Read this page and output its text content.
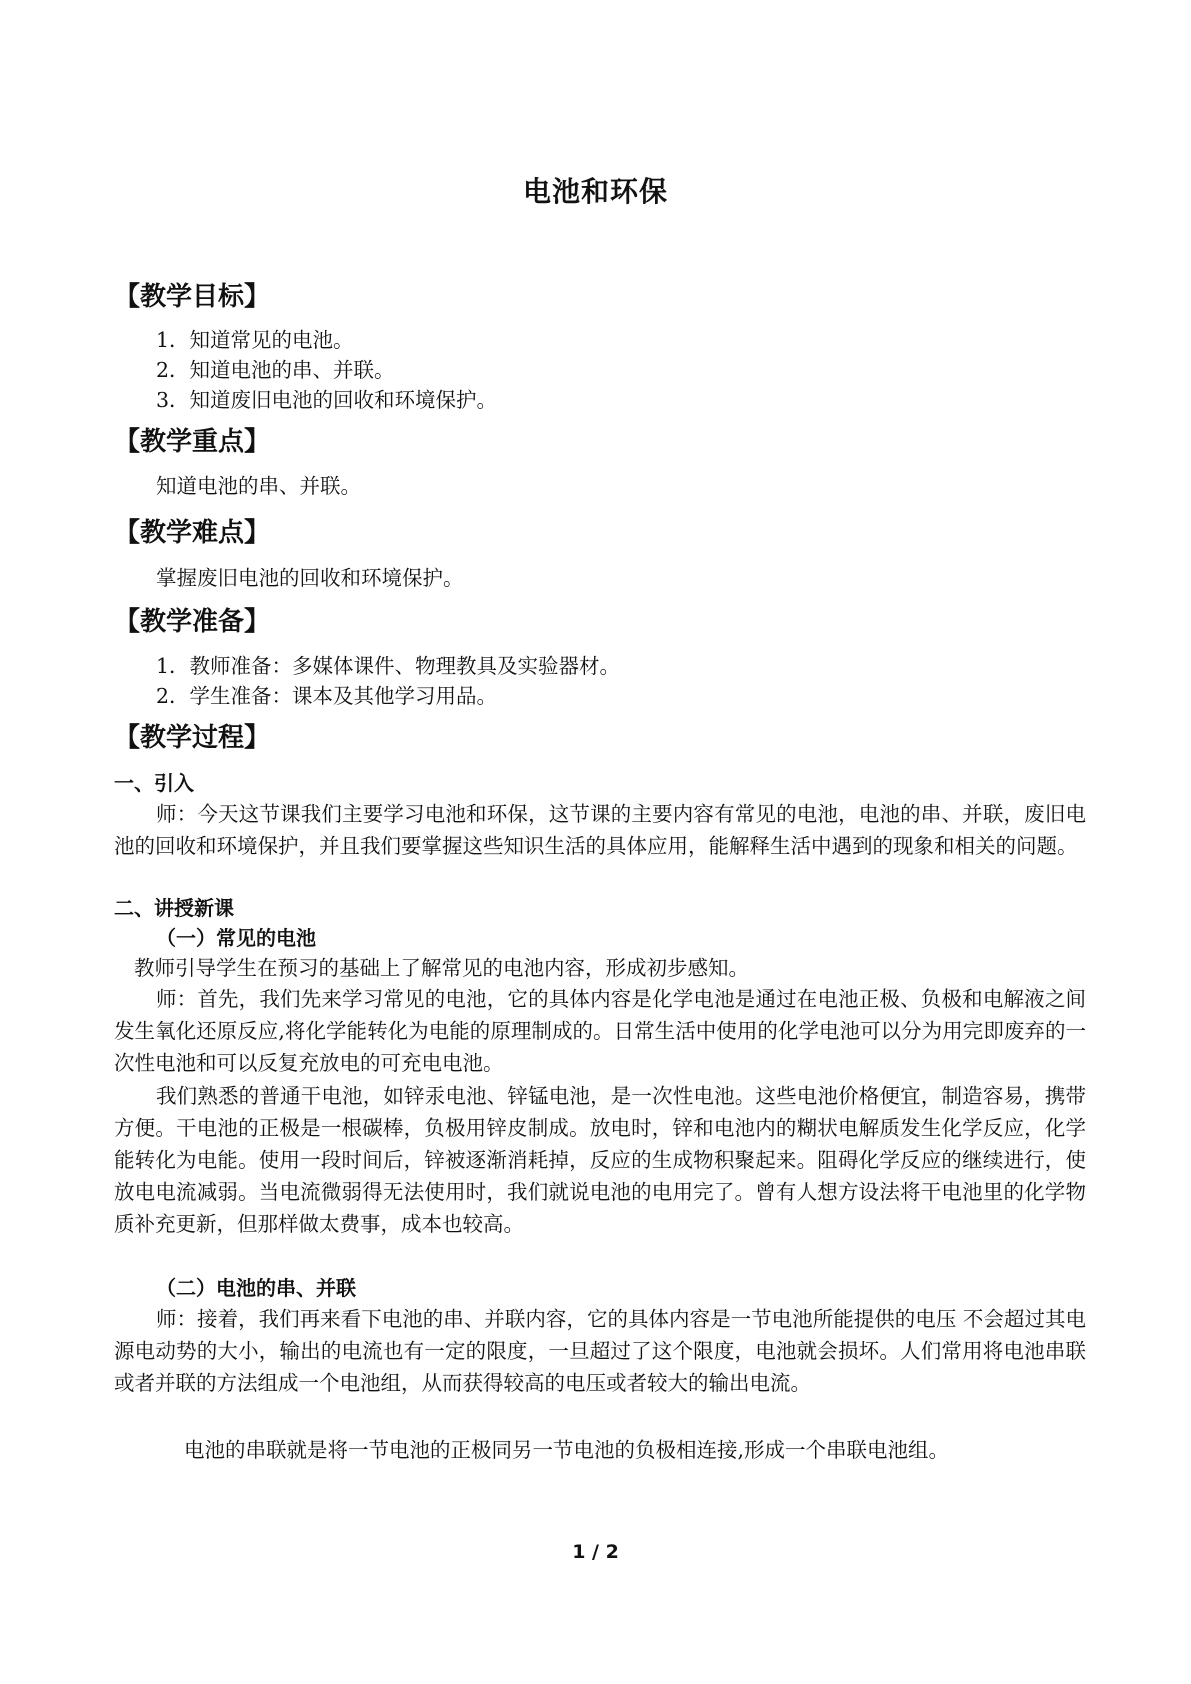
电池和环保
【教学目标】
1．知道常见的电池。
2．知道电池的串、并联。
3．知道废旧电池的回收和环境保护。
【教学重点】
知道电池的串、并联。
【教学难点】
掌握废旧电池的回收和环境保护。
【教学准备】
1．教师准备：多媒体课件、物理教具及实验器材。
2．学生准备：课本及其他学习用品。
【教学过程】
一、引入
师：今天这节课我们主要学习电池和环保，这节课的主要内容有常见的电池，电池的串、并联，废旧电池的回收和环境保护，并且我们要掌握这些知识生活的具体应用，能解释生活中遇到的现象和相关的问题。
二、讲授新课
（一）常见的电池
教师引导学生在预习的基础上了解常见的电池内容，形成初步感知。
师：首先，我们先来学习常见的电池，它的具体内容是化学电池是通过在电池正极、负极和电解液之间发生氧化还原反应,将化学能转化为电能的原理制成的。日常生活中使用的化学电池可以分为用完即废弃的一次性电池和可以反复充放电的可充电电池。
我们熟悉的普通干电池，如锌汞电池、锌锰电池，是一次性电池。这些电池价格便宜，制造容易，携带方便。干电池的正极是一根碳棒，负极用锌皮制成。放电时，锌和电池内的糊状电解质发生化学反应，化学能转化为电能。使用一段时间后，锌被逐渐消耗掉，反应的生成物积聚起来。阻碍化学反应的继续进行，使放电电流减弱。当电流微弱得无法使用时，我们就说电池的电用完了。曾有人想方设法将干电池里的化学物质补充更新，但那样做太费事，成本也较高。
（二）电池的串、并联
师：接着，我们再来看下电池的串、并联内容，它的具体内容是一节电池所能提供的电压 不会超过其电源电动势的大小，输出的电流也有一定的限度，一旦超过了这个限度，电池就会损坏。人们常用将电池串联或者并联的方法组成一个电池组，从而获得较高的电压或者较大的输出电流。
电池的串联就是将一节电池的正极同另一节电池的负极相连接,形成一个串联电池组。
1 / 2
